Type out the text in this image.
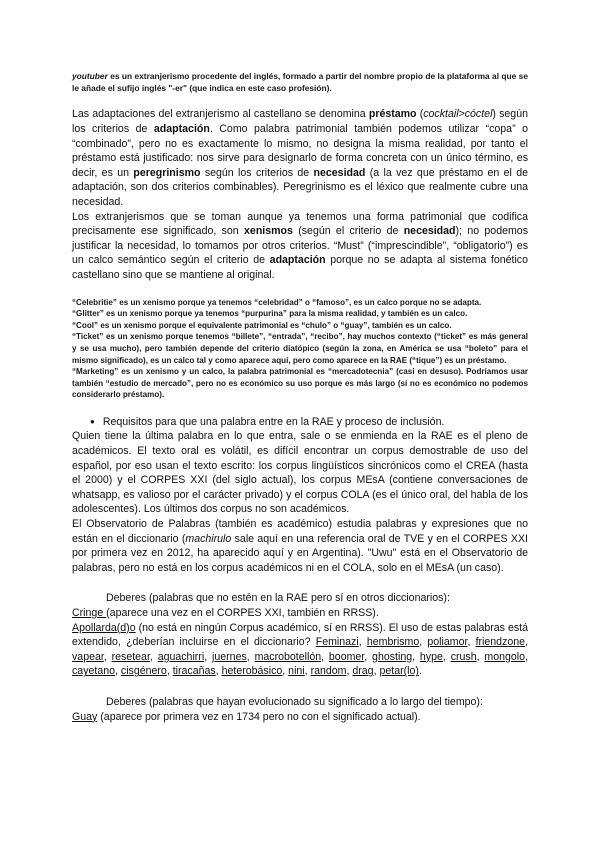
youtuber es un extranjerismo procedente del inglés, formado a partir del nombre propio de la plataforma al que se le añade el sufijo inglés "-er" (que indica en este caso profesión).

Las adaptaciones del extranjerismo al castellano se denomina préstamo (cocktail>cóctel) según los criterios de adaptación. Como palabra patrimonial también podemos utilizar “copa” o “combinado”, pero no es exactamente lo mismo, no designa la misma realidad, por tanto el préstamo está justificado: nos sirve para designarlo de forma concreta con un único término, es decir, es un peregrinismo según los criterios de necesidad (a la vez que préstamo en el de adaptación, son dos criterios combinables). Peregrinismo es el léxico que realmente cubre una necesidad.

Los extranjerismos que se toman aunque ya tenemos una forma patrimonial que codifica precisamente ese significado, son xenismos (según el criterio de necesidad); no podemos justificar la necesidad, lo tomamos por otros criterios. “Must” (“imprescindible”, “obligatorio”) es un calco semántico según el criterio de adaptación porque no se adapta al sistema fonético castellano sino que se mantiene al original.

“Celebritie” es un xenismo porque ya tenemos “celebridad” o “famoso”, es un calco porque no se adapta.

“Glitter” es un xenismo porque ya tenemos “purpurina” para la misma realidad, y también es un calco.

“Cool” es un xenismo porque el equivalente patrimonial es “chulo” o “guay”, también es un calco.

“Ticket” es un xenismo porque tenemos “billete”, “entrada”, “recibo”, hay muchos contexto (“ticket” es más general y se usa mucho), pero también depende del criterio diatópico (según la zona, en América se usa “boleto” para el mismo significado), es un calco tal y como aparece aquí, pero como aparece en la RAE (“tique”) es un préstamo.

“Marketing” es un xenismo y un calco, la palabra patrimonial es “mercadotecnia” (casi en desuso). Podríamos usar también “estudio de mercado”, pero no es económico su uso porque es más largo (si no es económico no podemos considerarlo préstamo).

● Requisitos para que una palabra entre en la RAE y proceso de inclusión.

Quien tiene la última palabra en lo que entra, sale o se enmienda en la RAE es el pleno de académicos. El texto oral es volátil, es difícil encontrar un corpus demostrable de uso del español, por eso usan el texto escrito: los corpus lingüísticos sincrónicos como el CREA (hasta el 2000) y el CORPES XXI (del siglo actual), los corpus MEsA (contiene conversaciones de whatsapp, es valioso por el carácter privado) y el corpus COLA (es el único oral, del habla de los adolescentes). Los últimos dos corpus no son académicos.

El Observatorio de Palabras (también es académico) estudia palabras y expresiones que no están en el diccionario (machirulo sale aquí en una referencia oral de TVE y en el CORPES XXI por primera vez en 2012, ha aparecido aquí y en Argentina). "Uwu" está en el Observatorio de palabras, pero no está en los corpus académicos ni en el COLA, solo en el MEsA (un caso).

Deberes (palabras que no estén en la RAE pero sí en otros diccionarios):

Cringe (aparece una vez en el CORPES XXI, también en RRSS).

Apollarda(d)o (no está en ningún Corpus académico, sí en RRSS). El uso de estas palabras está extendido, ¿deberían incluirse en el diccionario? Feminazi, hembrismo, poliamor, friendzone, vapear, resetear, aguachirri, juernes, macrobotellón, boomer, ghosting, hype, crush, mongolo, cayetano, cisgénero, tiracañas, heterobásico, nini, random, drag, petar(lo).

Deberes (palabras que hayan evolucionado su significado a lo largo del tiempo):

Guay (aparece por primera vez en 1734 pero no con el significado actual).
